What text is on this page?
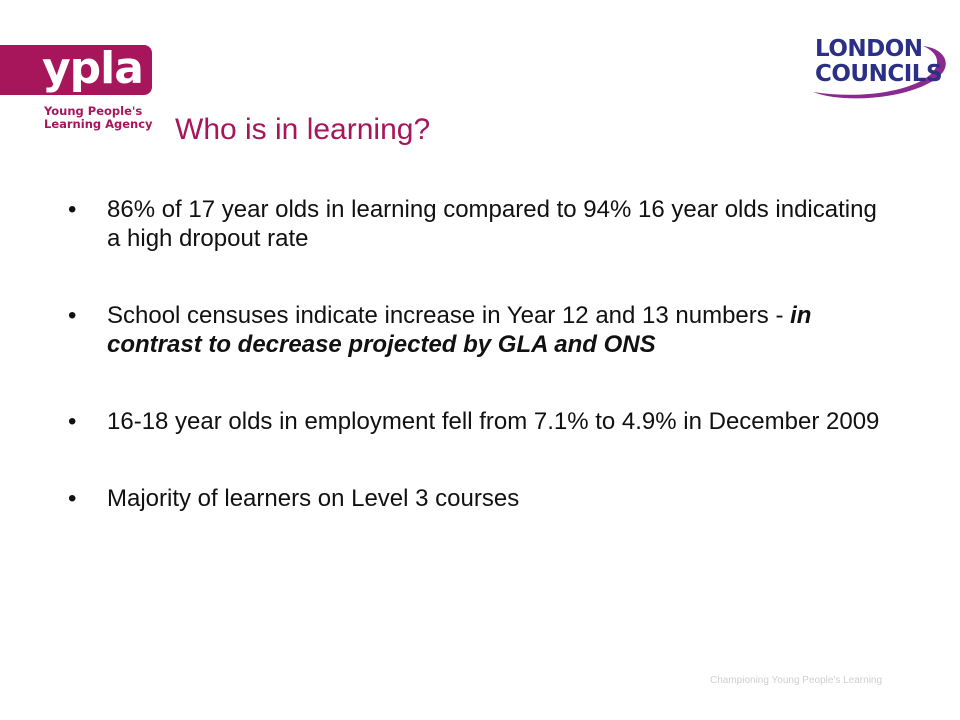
ypla
Young People's
Learning Agency
LONDON
COUNCILS
Who is in learning?
• 86% of 17 year olds in learning compared to 94% 16 year olds indicating a high dropout rate
• School censuses indicate increase in Year 12 and 13 numbers - in contrast to decrease projected by GLA and ONS
• 16-18 year olds in employment fell from 7.1% to 4.9% in December 2009
• Majority of learners on Level 3 courses
Championing Young People's Learning
